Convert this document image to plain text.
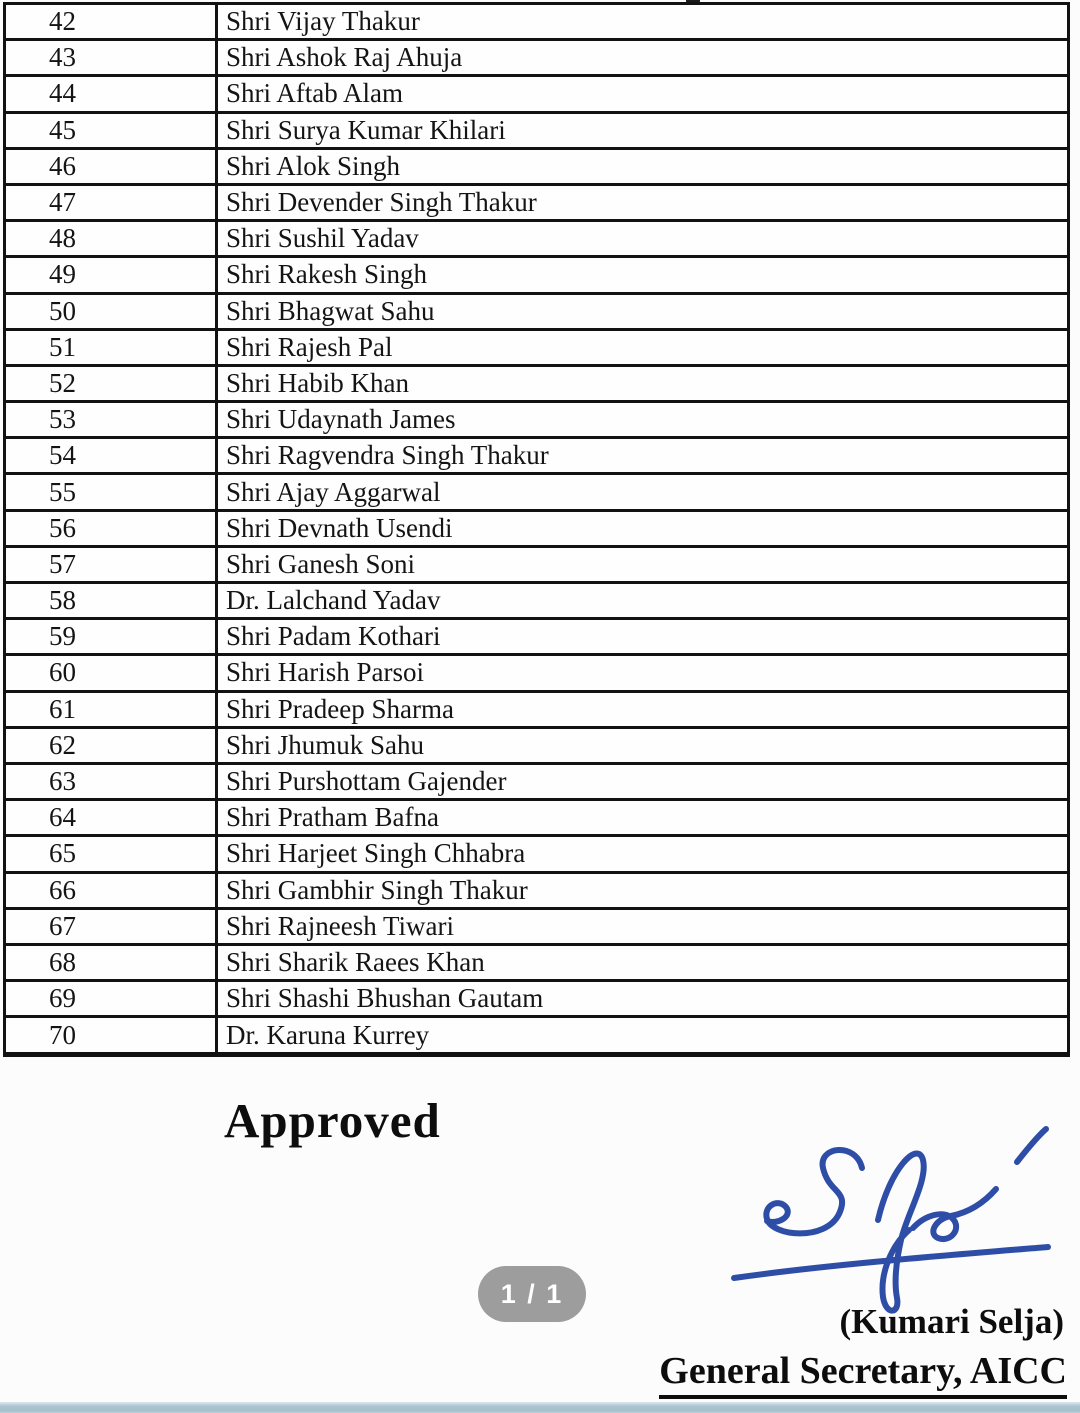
42	Shri Vijay Thakur
43	Shri Ashok Raj Ahuja
44	Shri Aftab Alam
45	Shri Surya Kumar Khilari
46	Shri Alok Singh
47	Shri Devender Singh Thakur
48	Shri Sushil Yadav
49	Shri Rakesh Singh
50	Shri Bhagwat Sahu
51	Shri Rajesh Pal
52	Shri Habib Khan
53	Shri Udaynath James
54	Shri Ragvendra Singh Thakur
55	Shri Ajay Aggarwal
56	Shri Devnath Usendi
57	Shri Ganesh Soni
58	Dr. Lalchand Yadav
59	Shri Padam Kothari
60	Shri Harish Parsoi
61	Shri Pradeep Sharma
62	Shri Jhumuk Sahu
63	Shri Purshottam Gajender
64	Shri Pratham Bafna
65	Shri Harjeet Singh Chhabra
66	Shri Gambhir Singh Thakur
67	Shri Rajneesh Tiwari
68	Shri Sharik Raees Khan
69	Shri Shashi Bhushan Gautam
70	Dr. Karuna Kurrey
Approved
(Kumari Selja)
General Secretary, AICC
1 / 1
